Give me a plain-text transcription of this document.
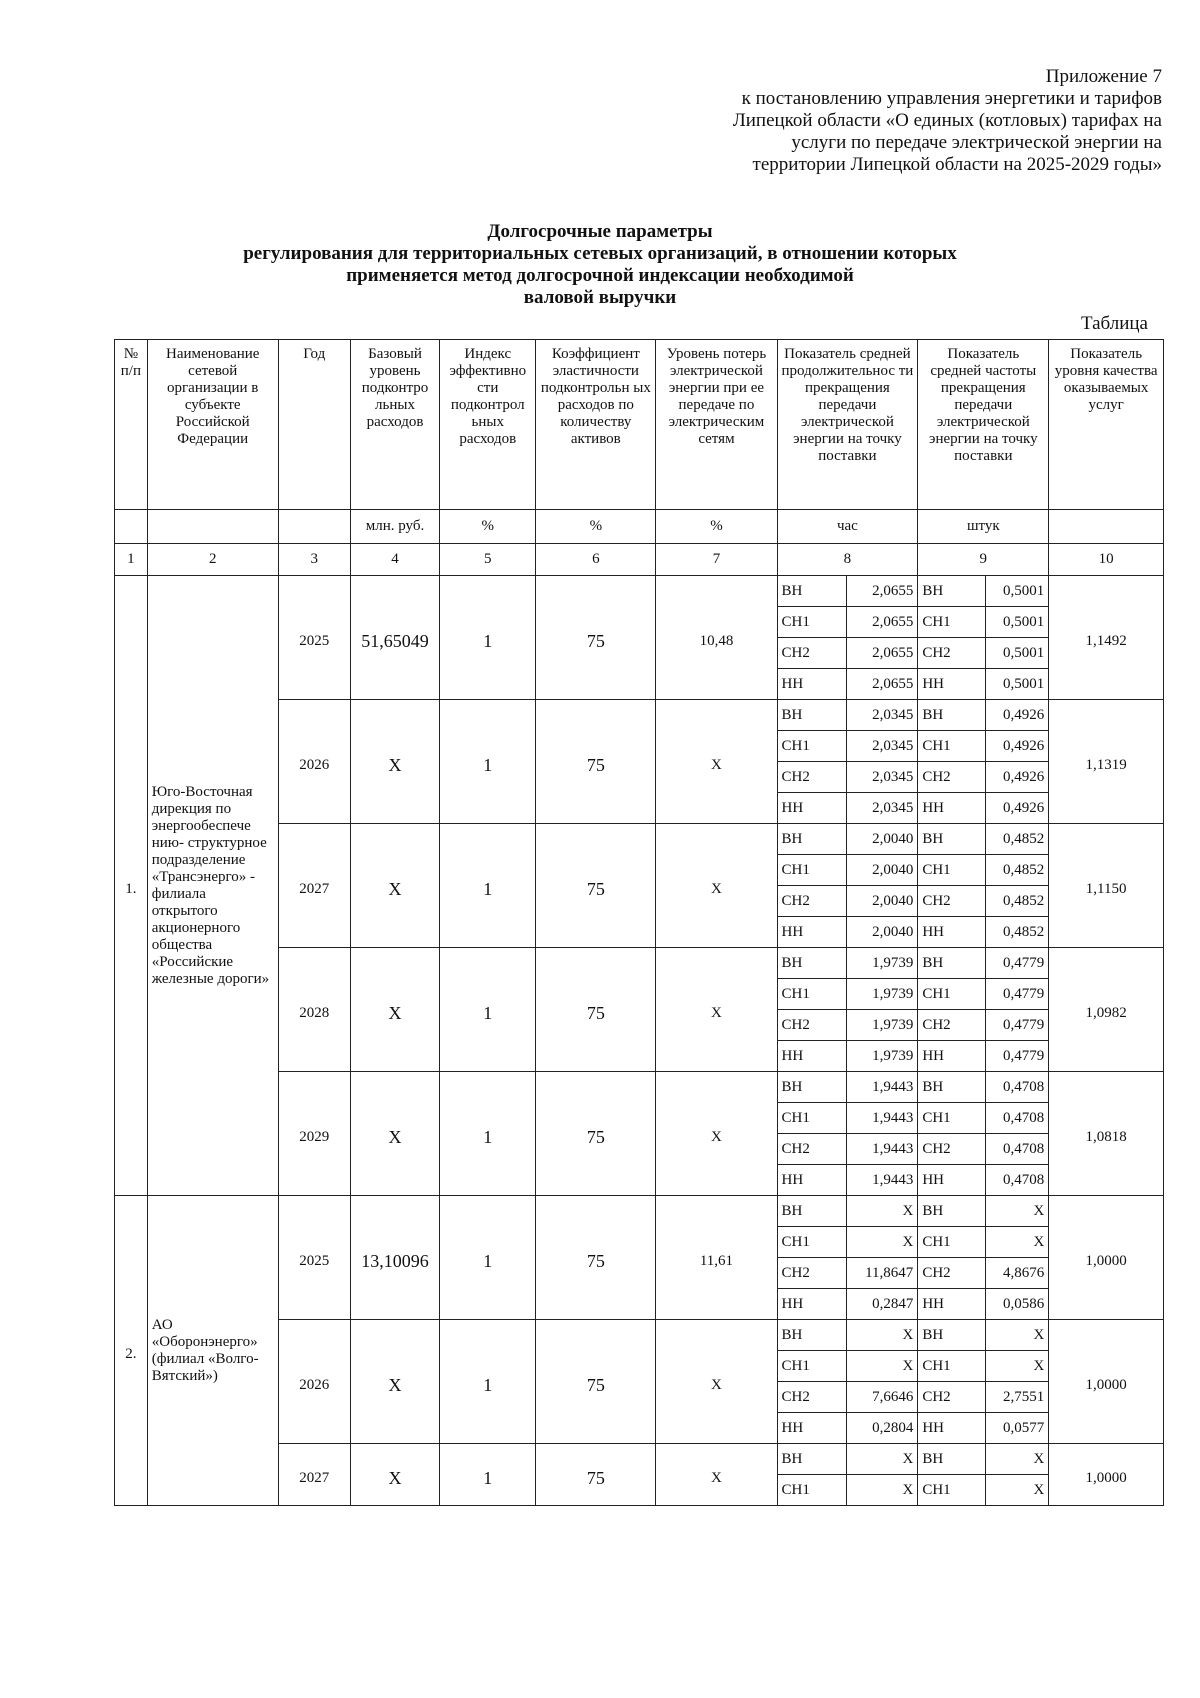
Приложение 7
к постановлению управления энергетики и тарифов
Липецкой области «О единых (котловых) тарифах на
услуги по передаче электрической энергии на
территории Липецкой области на 2025-2029 годы»
Долгосрочные параметры
регулирования для территориальных сетевых организаций, в отношении которых
применяется метод долгосрочной индексации необходимой
валовой выручки
Таблица
№ п/п	Наименование сетевой организации в субъекте Российской Федерации	Год	Базовый уровень подконтро льных расходов	Индекс эффективно сти подконтрол ьных расходов	Коэффициент эластичности подконтрольн ых расходов по количеству активов	Уровень потерь электрической энергии при ее передаче по электрическим сетям	Показатель средней продолжительнос ти прекращения передачи электрической энергии на точку поставки		Показатель средней частоты прекращения передачи электрической энергии на точку поставки		Показатель уровня качества оказываемых услуг
			млн. руб.	%	%	%	час		штук		
1	2	3	4	5	6	7	8		9		10
1.	Юго-Восточная дирекция по энергообеспече нию- структурное подразделение «Трансэнерго» - филиала открытого акционерного общества «Российские железные дороги»	2025	51,65049	1	75	10,48	ВН	2,0655	ВН	0,5001	1,1492
							СН1	2,0655	СН1	0,5001	
							СН2	2,0655	СН2	0,5001	
							НН	2,0655	НН	0,5001	
		2026	X	1	75	X	ВН	2,0345	ВН	0,4926	1,1319
							СН1	2,0345	СН1	0,4926	
							СН2	2,0345	СН2	0,4926	
							НН	2,0345	НН	0,4926	
		2027	X	1	75	X	ВН	2,0040	ВН	0,4852	1,1150
							СН1	2,0040	СН1	0,4852	
							СН2	2,0040	СН2	0,4852	
							НН	2,0040	НН	0,4852	
		2028	X	1	75	X	ВН	1,9739	ВН	0,4779	1,0982
							СН1	1,9739	СН1	0,4779	
							СН2	1,9739	СН2	0,4779	
							НН	1,9739	НН	0,4779	
		2029	X	1	75	X	ВН	1,9443	ВН	0,4708	1,0818
							СН1	1,9443	СН1	0,4708	
							СН2	1,9443	СН2	0,4708	
							НН	1,9443	НН	0,4708	
2.	АО «Оборонэнерго» (филиал «Волго- Вятский»)	2025	13,10096	1	75	11,61	ВН	X	ВН	X	1,0000
							СН1	X	СН1	X	
							СН2	11,8647	СН2	4,8676	
							НН	0,2847	НН	0,0586	
		2026	X	1	75	X	ВН	X	ВН	X	1,0000
							СН1	X	СН1	X	
							СН2	7,6646	СН2	2,7551	
							НН	0,2804	НН	0,0577	
		2027	X	1	75	X	ВН	X	ВН	X	1,0000
							СН1	X	СН1	X	
